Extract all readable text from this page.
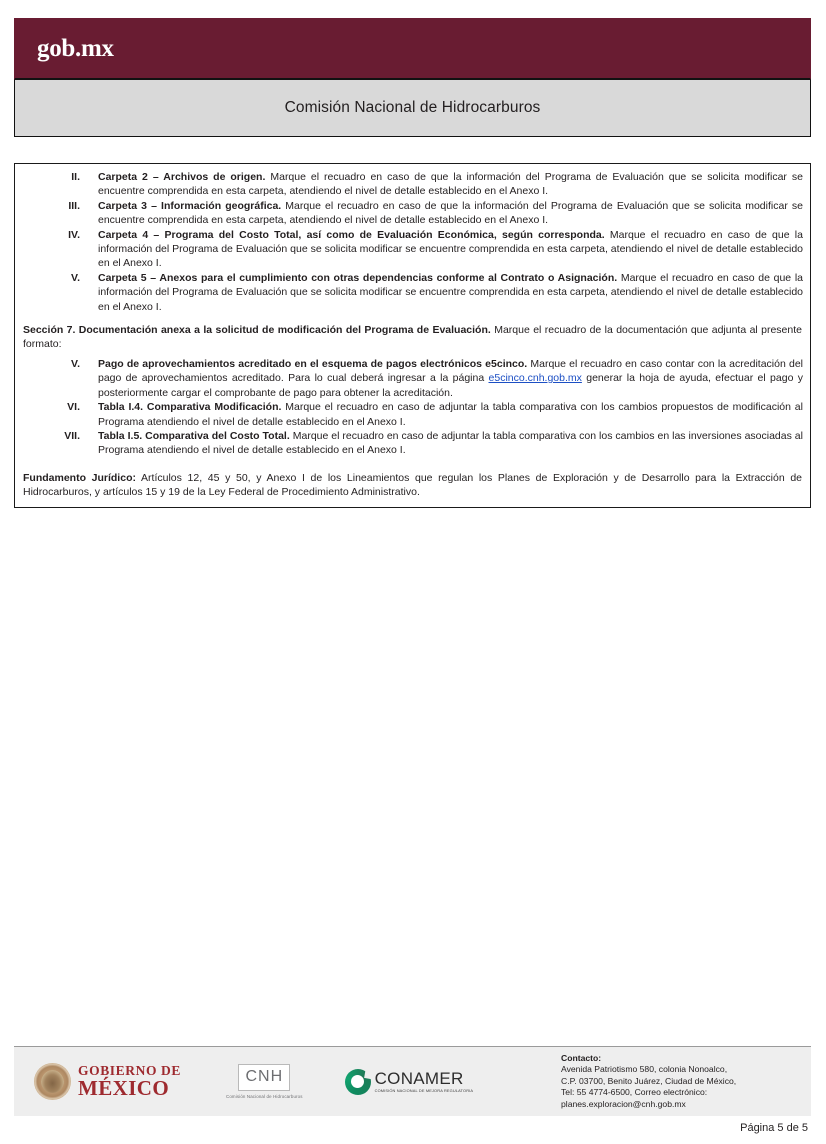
gob.mx
Comisión Nacional de Hidrocarburos
II.	Carpeta 2 – Archivos de origen. Marque el recuadro en caso de que la información del Programa de Evaluación que se solicita modificar se encuentre comprendida en esta carpeta, atendiendo el nivel de detalle establecido en el Anexo I.
III.	Carpeta 3 – Información geográfica. Marque el recuadro en caso de que la información del Programa de Evaluación que se solicita modificar se encuentre comprendida en esta carpeta, atendiendo el nivel de detalle establecido en el Anexo I.
IV.	Carpeta 4 – Programa del Costo Total, así como de Evaluación Económica, según corresponda. Marque el recuadro en caso de que la información del Programa de Evaluación que se solicita modificar se encuentre comprendida en esta carpeta, atendiendo el nivel de detalle establecido en el Anexo I.
V.	Carpeta 5 – Anexos para el cumplimiento con otras dependencias conforme al Contrato o Asignación. Marque el recuadro en caso de que la información del Programa de Evaluación que se solicita modificar se encuentre comprendida en esta carpeta, atendiendo el nivel de detalle establecido en el Anexo I.

Sección 7. Documentación anexa a la solicitud de modificación del Programa de Evaluación. Marque el recuadro de la documentación que adjunta al presente formato:

V.	Pago de aprovechamientos acreditado en el esquema de pagos electrónicos e5cinco. Marque el recuadro en caso contar con la acreditación del pago de aprovechamientos acreditado. Para lo cual deberá ingresar a la página e5cinco.cnh.gob.mx generar la hoja de ayuda, efectuar el pago y posteriormente cargar el comprobante de pago para obtener la acreditación.
VI.	Tabla I.4. Comparativa Modificación. Marque el recuadro en caso de adjuntar la tabla comparativa con los cambios propuestos de modificación al Programa atendiendo el nivel de detalle establecido en el Anexo I.
VII.	Tabla I.5. Comparativa del Costo Total. Marque el recuadro en caso de adjuntar la tabla comparativa con los cambios en las inversiones asociadas al Programa atendiendo el nivel de detalle establecido en el Anexo I.

Fundamento Jurídico: Artículos 12, 45 y 50, y Anexo I de los Lineamientos que regulan los Planes de Exploración y de Desarrollo para la Extracción de Hidrocarburos, y artículos 15 y 19 de la Ley Federal de Procedimiento Administrativo.

GOBIERNO DE
MÉXICO
CNH
Comisión Nacional de Hidrocarburos
CONAMER
COMISIÓN NACIONAL DE MEJORA REGULATORIA
Contacto:
Avenida Patriotismo 580, colonia Nonoalco,
C.P. 03700, Benito Juárez, Ciudad de México,
Tel: 55 4774-6500, Correo electrónico:
planes.exploracion@cnh.gob.mx
Página 5 de 5
